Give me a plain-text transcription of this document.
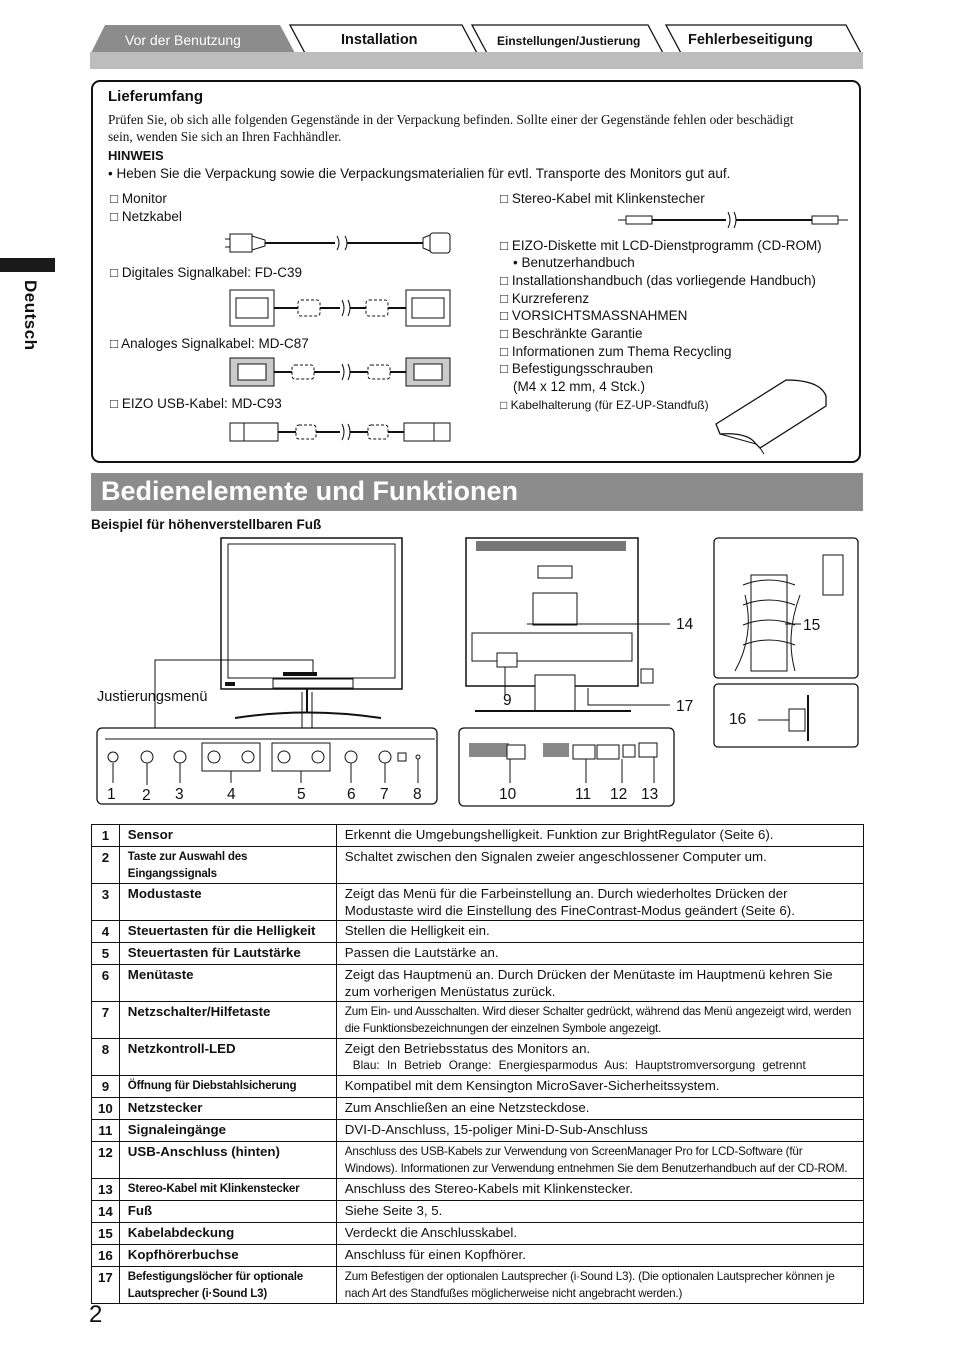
Vor der Benutzung	Installation	Einstellungen/Justierung	Fehlerbeseitigung
Deutsch
Lieferumfang
Prüfen Sie, ob sich alle folgenden Gegenstände in der Verpackung befinden. Sollte einer der Gegenstände fehlen oder beschädigt sein, wenden Sie sich an Ihren Fachhändler.
HINWEIS
• Heben Sie die Verpackung sowie die Verpackungsmaterialien für evtl. Transporte des Monitors gut auf.
□ Monitor
□ Netzkabel
□ Digitales Signalkabel: FD-C39
□ Analoges Signalkabel: MD-C87
□ EIZO USB-Kabel: MD-C93
□ Stereo-Kabel mit Klinkenstecher
□ EIZO-Diskette mit LCD-Dienstprogramm (CD-ROM)
• Benutzerhandbuch
□ Installationshandbuch (das vorliegende Handbuch)
□ Kurzreferenz
□ VORSICHTSMASSNAHMEN
□ Beschränkte Garantie
□ Informationen zum Thema Recycling
□ Befestigungsschrauben
(M4 x 12 mm, 4 Stck.)
□ Kabelhalterung (für EZ-UP-Standfuß)
Bedienelemente und Funktionen
Beispiel für höhenverstellbaren Fuß
Justierungsmenü
1 2 3	4	5	6 7 8
9
10	11 12 13
14	15
16
17
1	Sensor	Erkennt die Umgebungshelligkeit. Funktion zur BrightRegulator (Seite 6).
2	Taste zur Auswahl des Eingangssignals	Schaltet zwischen den Signalen zweier angeschlossener Computer um.
3	Modustaste	Zeigt das Menü für die Farbeinstellung an. Durch wiederholtes Drücken der Modustaste wird die Einstellung des FineContrast-Modus geändert (Seite 6).
4	Steuertasten für die Helligkeit	Stellen die Helligkeit ein.
5	Steuertasten für Lautstärke	Passen die Lautstärke an.
6	Menütaste	Zeigt das Hauptmenü an. Durch Drücken der Menütaste im Hauptmenü kehren Sie zum vorherigen Menüstatus zurück.
7	Netzschalter/Hilfetaste	Zum Ein- und Ausschalten. Wird dieser Schalter gedrückt, während das Menü angezeigt wird, werden die Funktionsbezeichnungen der einzelnen Symbole angezeigt.
8	Netzkontroll-LED	Zeigt den Betriebsstatus des Monitors an.
Blau: In Betrieb Orange: Energiesparmodus Aus: Hauptstromversorgung getrennt

9	Öffnung für Diebstahlsicherung	Kompatibel mit dem Kensington MicroSaver-Sicherheitssystem.
10	Netzstecker	Zum Anschließen an eine Netzsteckdose.
11	Signaleingänge	DVI-D-Anschluss, 15-poliger Mini-D-Sub-Anschluss
12	USB-Anschluss (hinten)	Anschluss des USB-Kabels zur Verwendung von ScreenManager Pro for LCD-Software (für Windows). Informationen zur Verwendung entnehmen Sie dem Benutzerhandbuch auf der CD-ROM.
13	Stereo-Kabel mit Klinkenstecker	Anschluss des Stereo-Kabels mit Klinkenstecker.
14	Fuß	Siehe Seite 3, 5.
15	Kabelabdeckung	Verdeckt die Anschlusskabel.
16	Kopfhörerbuchse	Anschluss für einen Kopfhörer.
17	Befestigungslöcher für optionale Lautsprecher (i·Sound L3)	Zum Befestigen der optionalen Lautsprecher (i·Sound L3). (Die optionalen Lautsprecher können je nach Art des Standfußes möglicherweise nicht angebracht werden.)
2
